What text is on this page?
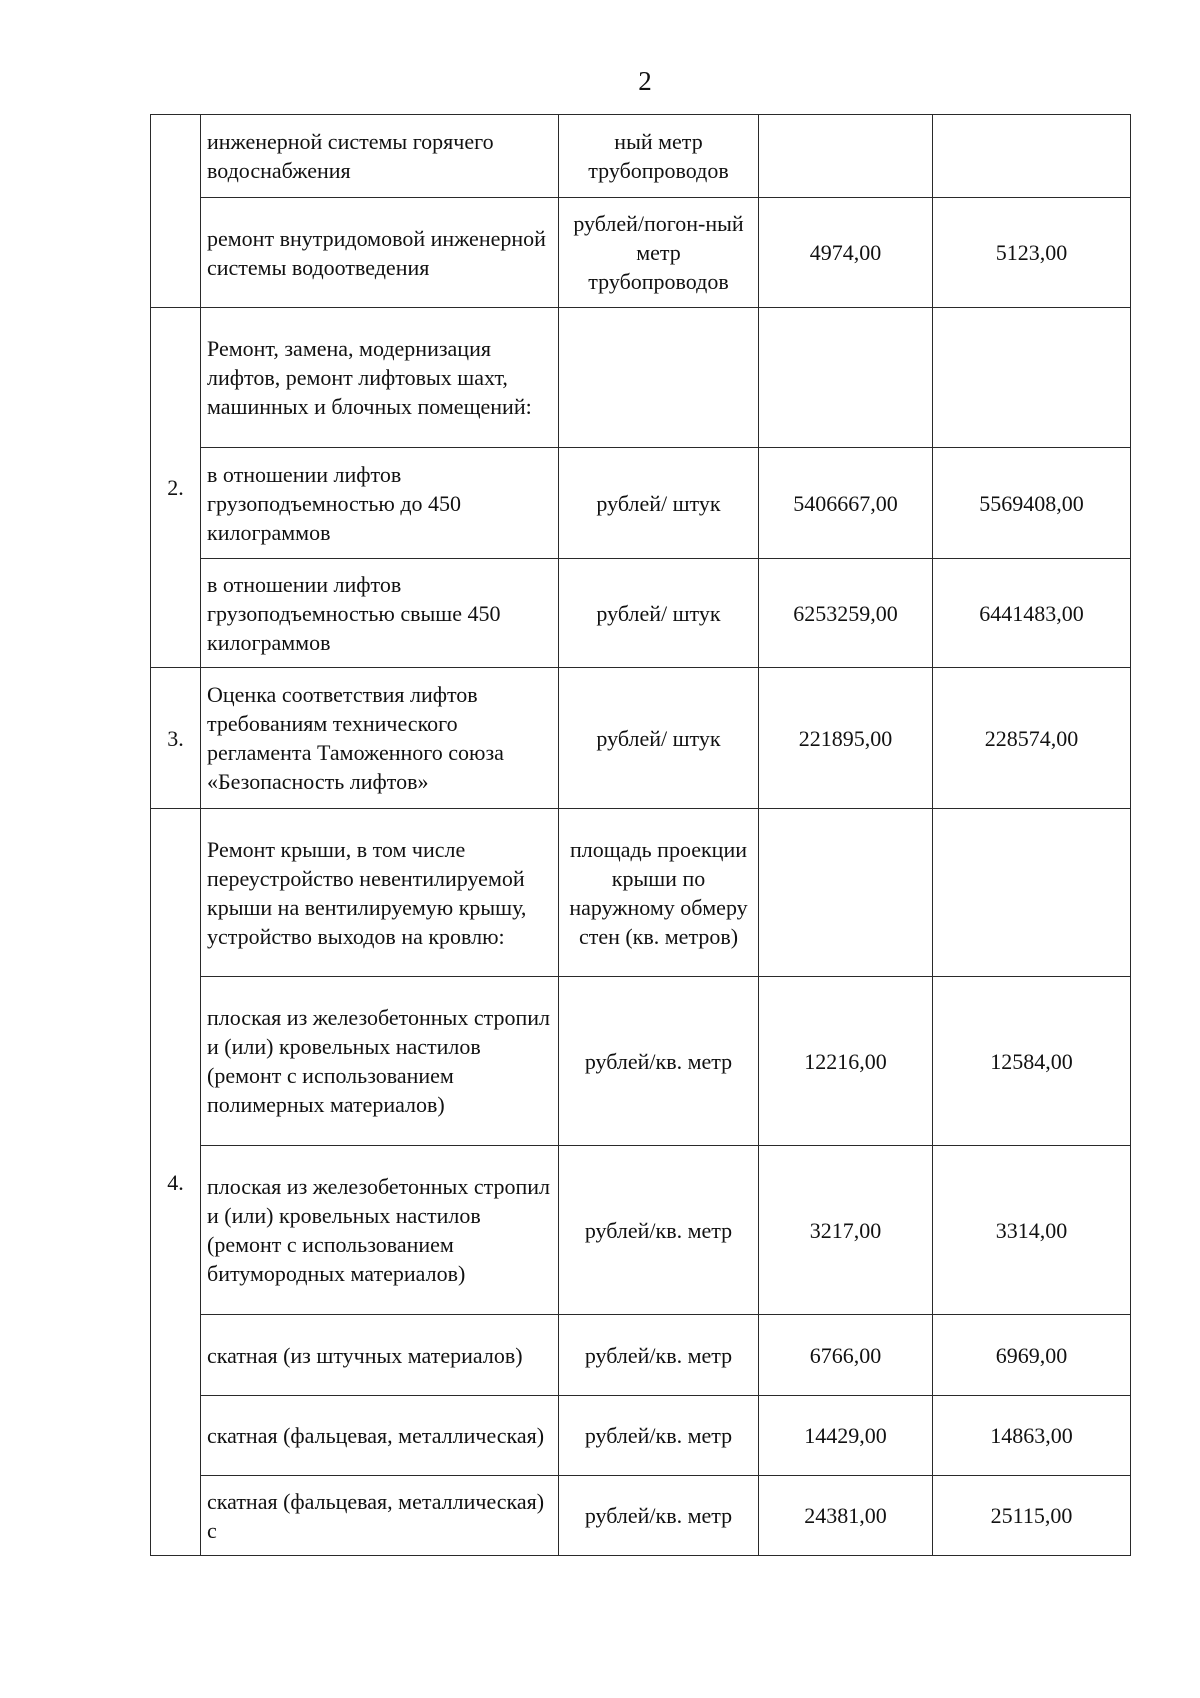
2
	инженерной системы горячего водоснабжения	ный метр трубопроводов		
	ремонт внутридомовой инженерной системы водоотведения	рублей/погон-ный метр трубопроводов	4974,00	5123,00
2.	Ремонт, замена, модернизация лифтов, ремонт лифтовых шахт, машинных и блочных помещений:			
	в отношении лифтов грузоподъемностью до 450 килограммов	рублей/ штук	5406667,00	5569408,00
	в отношении лифтов грузоподъемностью свыше 450 килограммов	рублей/ штук	6253259,00	6441483,00
3.	Оценка соответствия лифтов требованиям технического регламента Таможенного союза «Безопасность лифтов»	рублей/ штук	221895,00	228574,00
4.	Ремонт крыши, в том числе переустройство невентилируемой крыши на вентилируемую крышу, устройство выходов на кровлю:	площадь проекции крыши по наружному обмеру стен (кв. метров)		
	плоская из железобетонных стропил и (или) кровельных настилов (ремонт с использованием полимерных материалов)	рублей/кв. метр	12216,00	12584,00
	плоская из железобетонных стропил и (или) кровельных настилов (ремонт с использованием битумородных материалов)	рублей/кв. метр	3217,00	3314,00
	скатная (из штучных материалов)	рублей/кв. метр	6766,00	6969,00
	скатная (фальцевая, металлическая)	рублей/кв. метр	14429,00	14863,00
	скатная (фальцевая, металлическая) с	рублей/кв. метр	24381,00	25115,00
